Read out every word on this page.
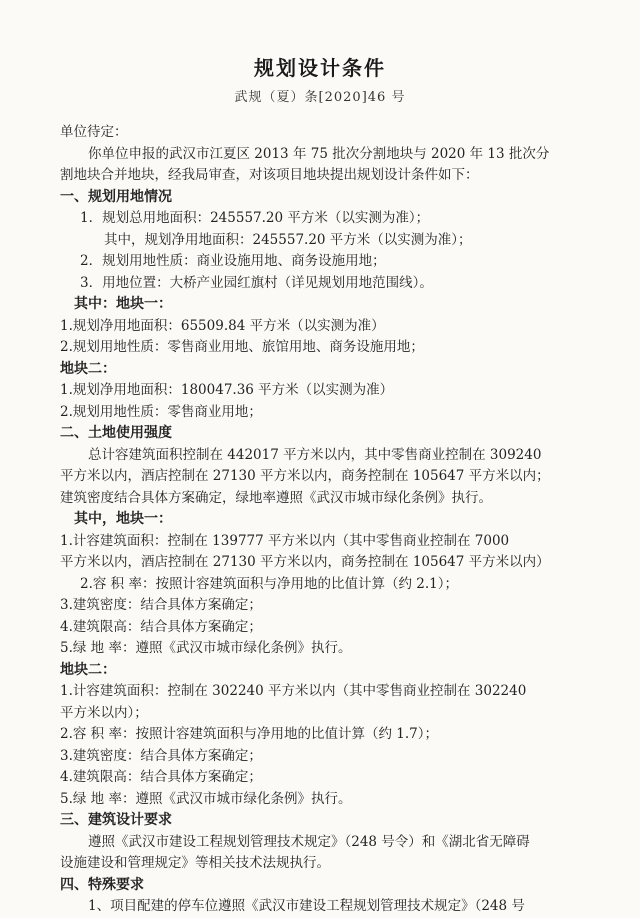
规划设计条件
武规（夏）条[2020]46 号

单位待定：

你单位申报的武汉市江夏区 2013 年 75 批次分割地块与 2020 年 13 批次分

割地块合并地块，经我局审查，对该项目地块提出规划设计条件如下：

一、规划用地情况

1．规划总用地面积：245557.20 平方米（以实测为准）；

其中，规划净用地面积：245557.20 平方米（以实测为准）；

2．规划用地性质：商业设施用地、商务设施用地；

3．用地位置：大桥产业园红旗村（详见规划用地范围线）。

其中：地块一：

1.规划净用地面积：65509.84 平方米（以实测为准）

2.规划用地性质：零售商业用地、旅馆用地、商务设施用地；

地块二：

1.规划净用地面积：180047.36 平方米（以实测为准）

2.规划用地性质：零售商业用地；

二、土地使用强度

总计容建筑面积控制在 442017 平方米以内，其中零售商业控制在 309240

平方米以内，酒店控制在 27130 平方米以内，商务控制在 105647 平方米以内；

建筑密度结合具体方案确定，绿地率遵照《武汉市城市绿化条例》执行。

其中，地块一：

1.计容建筑面积：控制在 139777 平方米以内（其中零售商业控制在 7000

平方米以内，酒店控制在 27130 平方米以内，商务控制在 105647 平方米以内）

2.容 积 率：按照计容建筑面积与净用地的比值计算（约 2.1）；

3.建筑密度：结合具体方案确定；

4.建筑限高：结合具体方案确定；

5.绿 地 率：遵照《武汉市城市绿化条例》执行。

地块二：

1.计容建筑面积：控制在 302240 平方米以内（其中零售商业控制在 302240

平方米以内）；

2.容 积 率：按照计容建筑面积与净用地的比值计算（约 1.7）；

3.建筑密度：结合具体方案确定；

4.建筑限高：结合具体方案确定；

5.绿 地 率：遵照《武汉市城市绿化条例》执行。

三、建筑设计要求

遵照《武汉市建设工程规划管理技术规定》（248 号令）和《湖北省无障碍

设施建设和管理规定》等相关技术法规执行。

四、特殊要求

1、项目配建的停车位遵照《武汉市建设工程规划管理技术规定》（248 号
